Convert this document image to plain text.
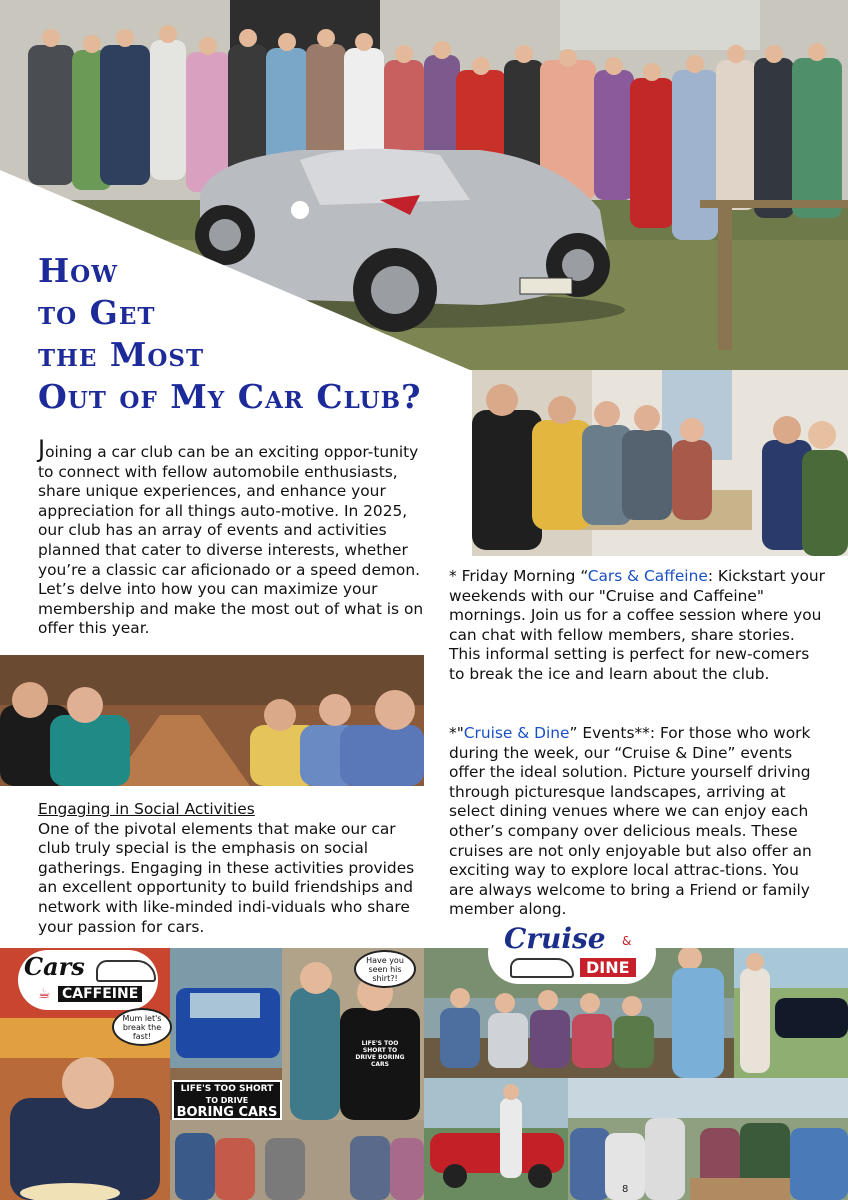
How
to Get
the Most
Out of My Car Club?

Joining a car club can be an exciting oppor-tunity to connect with fellow automobile enthusiasts, share unique experiences, and enhance your appreciation for all things auto-motive. In 2025, our club has an array of events and activities planned that cater to diverse interests, whether you’re a classic car aficionado or a speed demon. Let’s delve into how you can maximize your membership and make the most out of what is on offer this year.

* Friday Morning “Cars & Caffeine: Kickstart your weekends with our "Cruise and Caffeine" mornings. Join us for a coffee session where you can chat with fellow members, share stories. This informal setting is perfect for new-comers to break the ice and learn about the club.

*"Cruise & Dine” Events**: For those who work during the week, our “Cruise & Dine” events offer the ideal solution. Picture yourself driving through picturesque landscapes, arriving at select dining venues where we can enjoy each other’s company over delicious meals. These cruises are not only enjoyable but also offer an exciting way to explore local attrac-tions. You are always welcome to bring a Friend or family member along.

Engaging in Social Activities
One of the pivotal elements that make our car club truly special is the emphasis on social gatherings. Engaging in these activities provides an excellent opportunity to build friendships and network with like-minded indi-viduals who share your passion for cars.

Cars
☕ CAFFEINE
Cruise &
DINE
Mum let's break the fast!
Have you seen his shirt?!
LIFE'S TOO SHORT TO DRIVE BORING CARS
LIFE'S TOO SHORT
TO DRIVE
BORING CARS
8
